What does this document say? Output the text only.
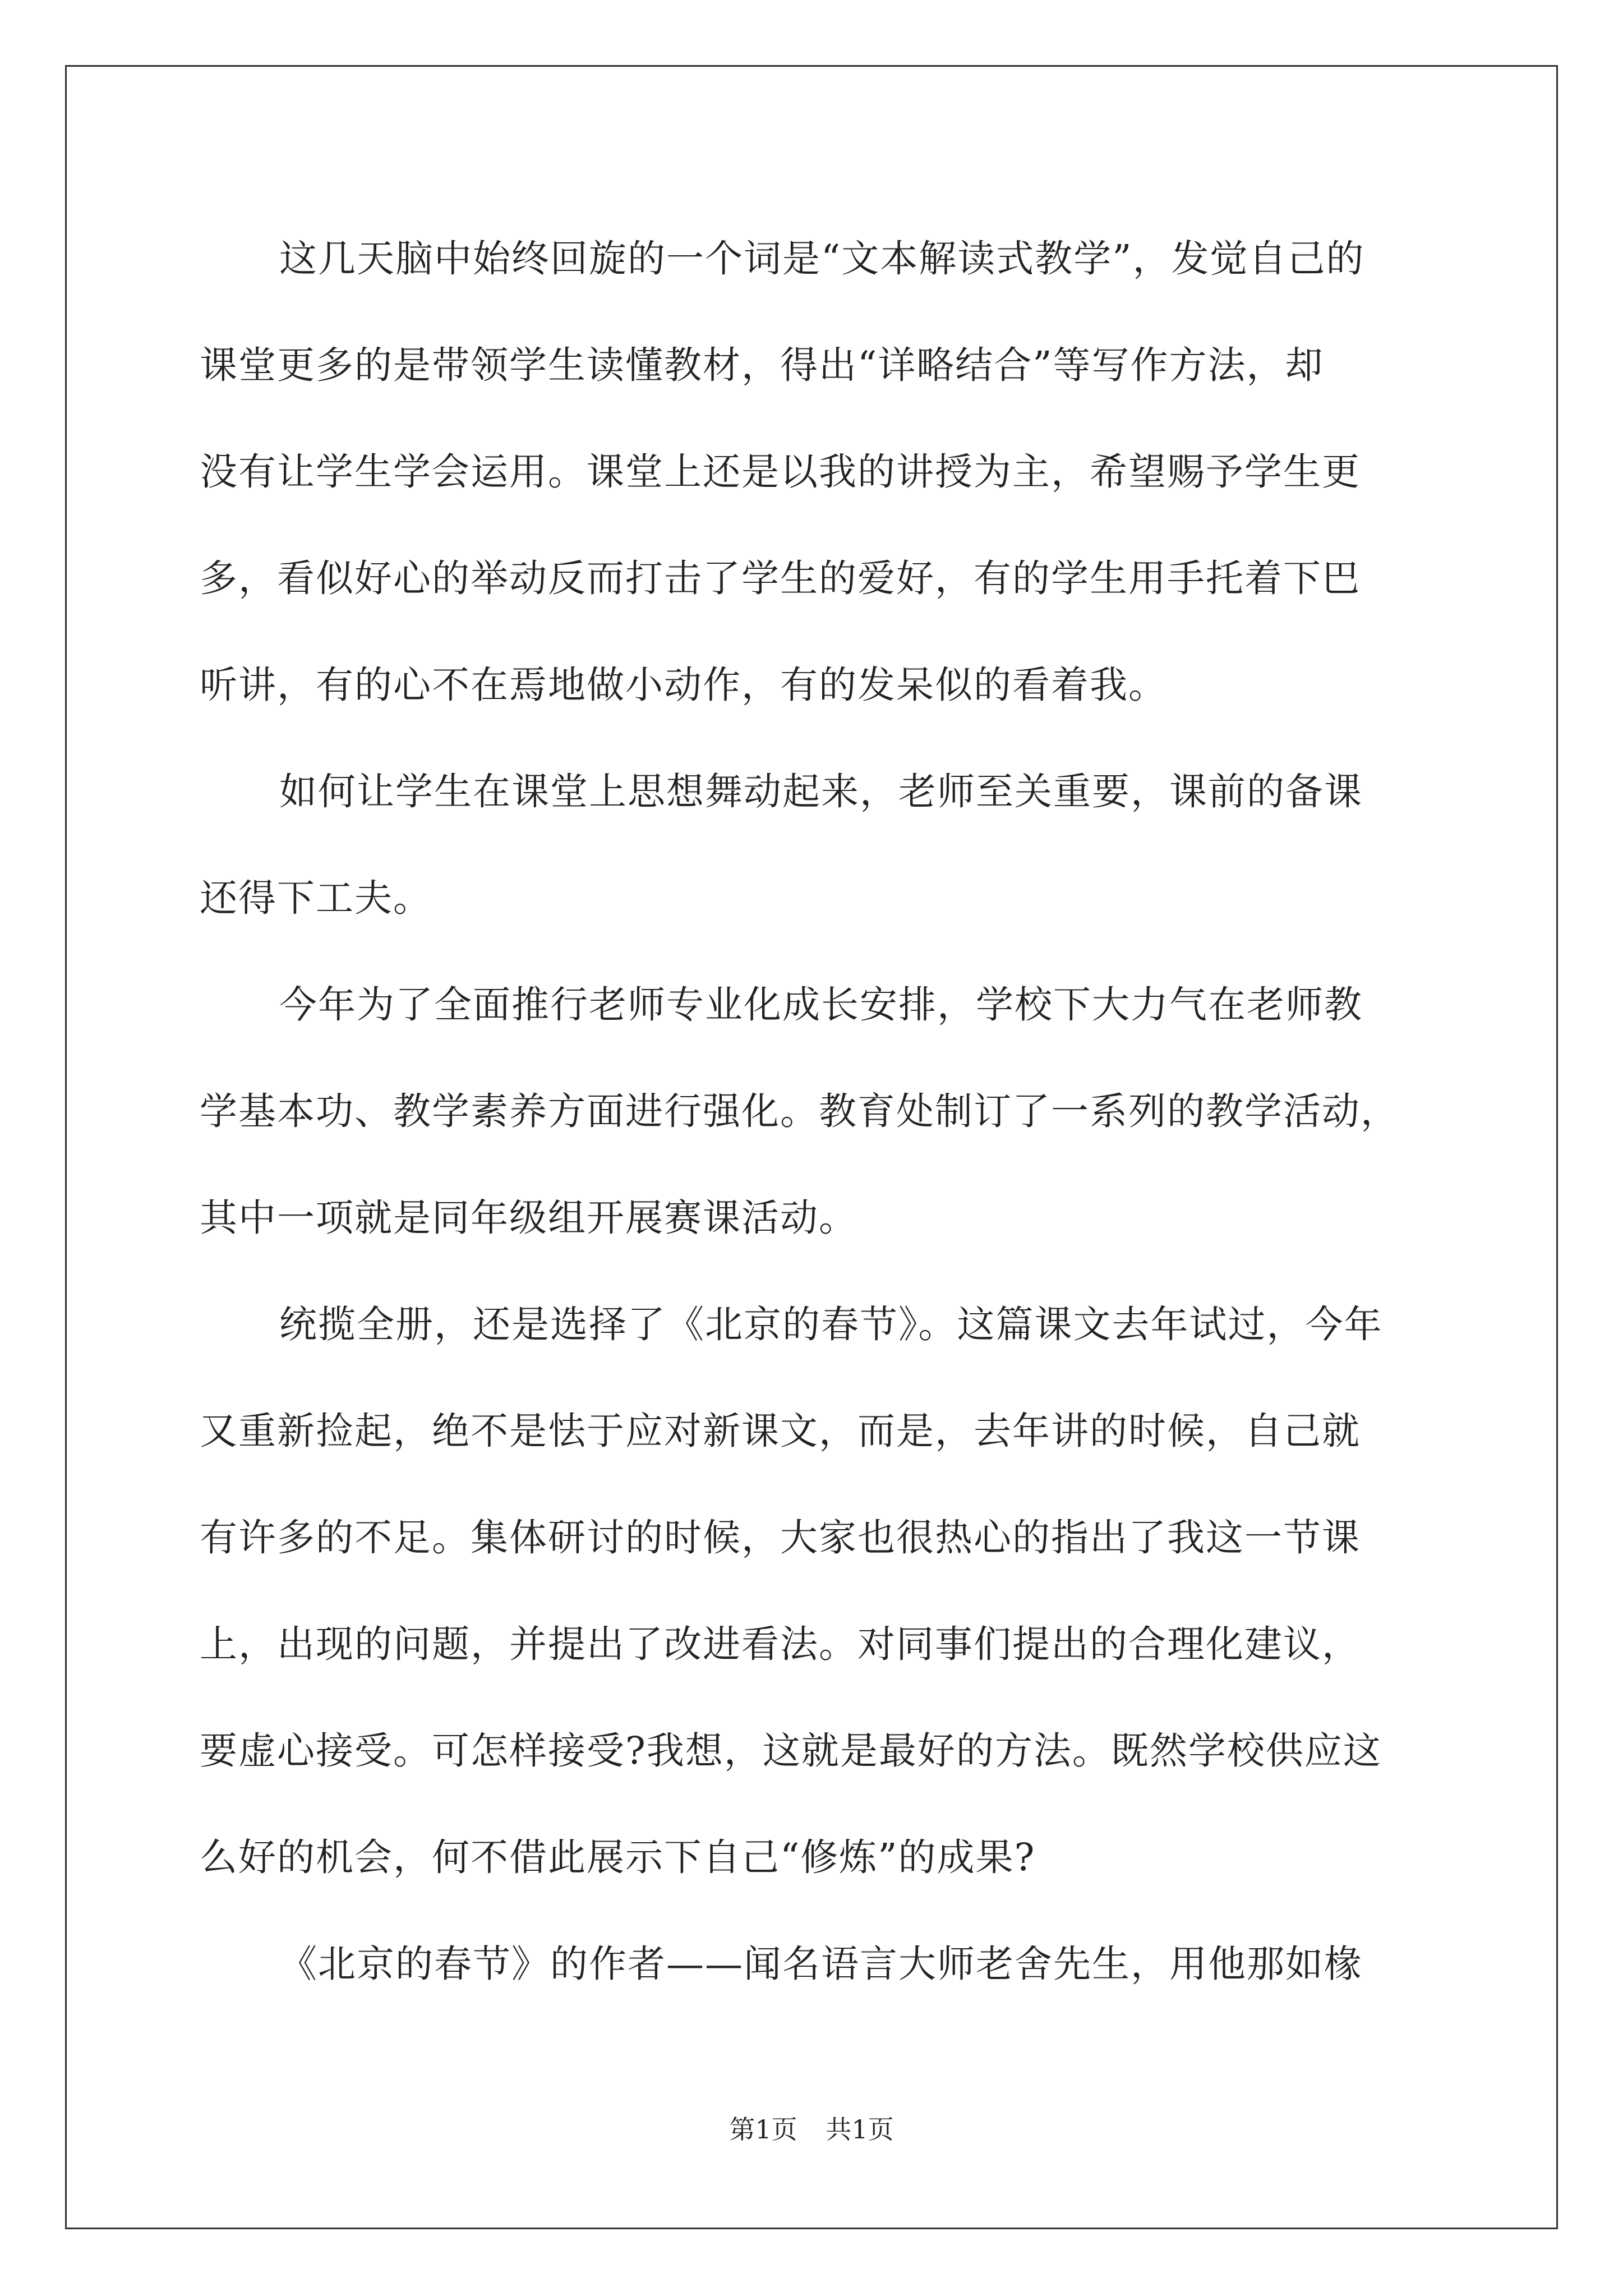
这几天脑中始终回旋的一个词是“文本解读式教学”，发觉自己的
课堂更多的是带领学生读懂教材，得出“详略结合”等写作方法，却
没有让学生学会运用。课堂上还是以我的讲授为主，希望赐予学生更
多，看似好心的举动反而打击了学生的爱好，有的学生用手托着下巴
听讲，有的心不在焉地做小动作，有的发呆似的看着我。
如何让学生在课堂上思想舞动起来，老师至关重要，课前的备课
还得下工夫。
今年为了全面推行老师专业化成长安排，学校下大力气在老师教
学基本功、教学素养方面进行强化。教育处制订了一系列的教学活动，
其中一项就是同年级组开展赛课活动。
统揽全册，还是选择了《北京的春节》。这篇课文去年试过，今年
又重新捡起，绝不是怯于应对新课文，而是，去年讲的时候，自己就
有许多的不足。集体研讨的时候，大家也很热心的指出了我这一节课
上，出现的问题，并提出了改进看法。对同事们提出的合理化建议，
要虚心接受。可怎样接受?我想，这就是最好的方法。既然学校供应这
么好的机会，何不借此展示下自己“修炼”的成果?
《北京的春节》的作者——闻名语言大师老舍先生，用他那如椽
第1页 共1页
